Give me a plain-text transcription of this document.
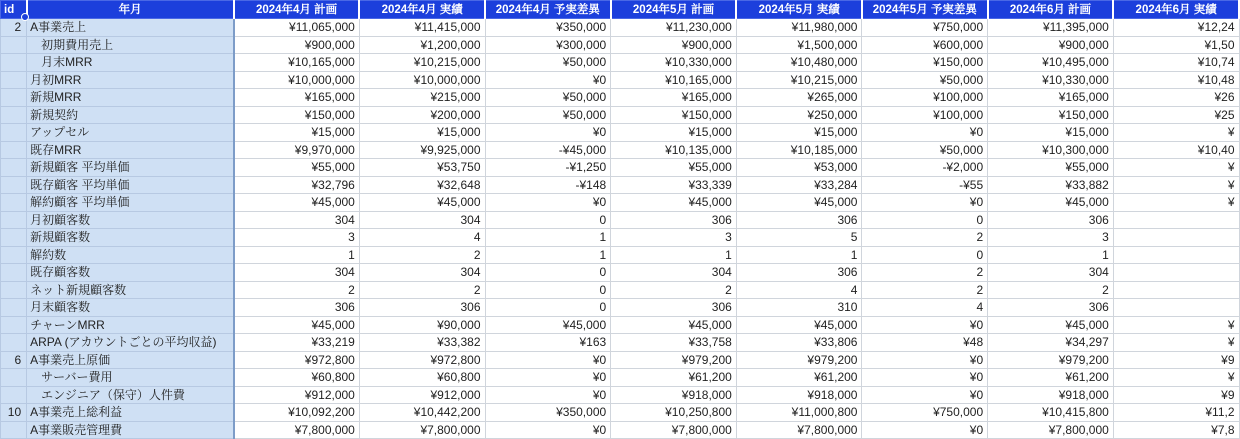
id	年月	2024年4月 計画	2024年4月 実績	2024年4月 予実差異	2024年5月 計画	2024年5月 実績	2024年5月 予実差異	2024年6月 計画	2024年6月 実績
2	A事業売上	¥11,065,000	¥11,415,000	¥350,000	¥11,230,000	¥11,980,000	¥750,000	¥11,395,000	¥12,24
	初期費用売上	¥900,000	¥1,200,000	¥300,000	¥900,000	¥1,500,000	¥600,000	¥900,000	¥1,50
	月末MRR	¥10,165,000	¥10,215,000	¥50,000	¥10,330,000	¥10,480,000	¥150,000	¥10,495,000	¥10,74
	月初MRR	¥10,000,000	¥10,000,000	¥0	¥10,165,000	¥10,215,000	¥50,000	¥10,330,000	¥10,48
	新規MRR	¥165,000	¥215,000	¥50,000	¥165,000	¥265,000	¥100,000	¥165,000	¥26
	新規契約	¥150,000	¥200,000	¥50,000	¥150,000	¥250,000	¥100,000	¥150,000	¥25
	アップセル	¥15,000	¥15,000	¥0	¥15,000	¥15,000	¥0	¥15,000	¥
	既存MRR	¥9,970,000	¥9,925,000	-¥45,000	¥10,135,000	¥10,185,000	¥50,000	¥10,300,000	¥10,40
	新規顧客 平均単価	¥55,000	¥53,750	-¥1,250	¥55,000	¥53,000	-¥2,000	¥55,000	¥
	既存顧客 平均単価	¥32,796	¥32,648	-¥148	¥33,339	¥33,284	-¥55	¥33,882	¥
	解約顧客 平均単価	¥45,000	¥45,000	¥0	¥45,000	¥45,000	¥0	¥45,000	¥
	月初顧客数	304	304	0	306	306	0	306	
	新規顧客数	3	4	1	3	5	2	3	
	解約数	1	2	1	1	1	0	1	
	既存顧客数	304	304	0	304	306	2	304	
	ネット新規顧客数	2	2	0	2	4	2	2	
	月末顧客数	306	306	0	306	310	4	306	
	チャーンMRR	¥45,000	¥90,000	¥45,000	¥45,000	¥45,000	¥0	¥45,000	¥
	ARPA (アカウントごとの平均収益)	¥33,219	¥33,382	¥163	¥33,758	¥33,806	¥48	¥34,297	¥
6	A事業売上原価	¥972,800	¥972,800	¥0	¥979,200	¥979,200	¥0	¥979,200	¥9
	サーバー費用	¥60,800	¥60,800	¥0	¥61,200	¥61,200	¥0	¥61,200	¥
	エンジニア（保守）人件費	¥912,000	¥912,000	¥0	¥918,000	¥918,000	¥0	¥918,000	¥9
10	A事業売上総利益	¥10,092,200	¥10,442,200	¥350,000	¥10,250,800	¥11,000,800	¥750,000	¥10,415,800	¥11,2
	A事業販売管理費	¥7,800,000	¥7,800,000	¥0	¥7,800,000	¥7,800,000	¥0	¥7,800,000	¥7,8
